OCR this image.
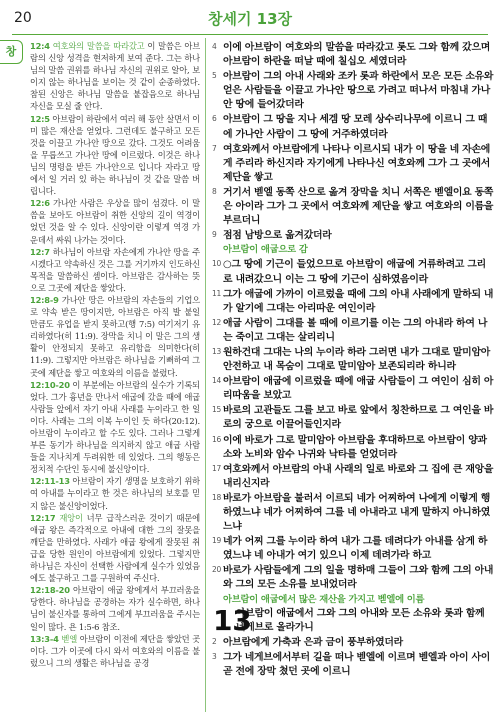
20	창세기 13장
창	12:4 여호와의 말씀을 따라갔고 이 말씀은 아브람의 신앙 성격을 현저하게 보여 준다. 그는 하나님의 말씀 권위를 하나님 자신의 권위로 알아, 보이지 않는 하나님을 보이는 것 같이 순종하였다. 참된 신앙은 하나님 말씀을 붙잡음으로 하나님 자신을 모실 줄 안다.

12:5 아브람이 하란에서 여러 해 동안 살면서 이미 많은 재산을 얻었다. 그런데도 불구하고 모든 것을 이끌고 가나안 땅으로 갔다. 그것도 어려움을 무릅쓰고 가나안 땅에 이르렀다. 이것은 하나님의 명령을 받든 가나안으로 입니다 자라고 땅에서 일 거러 있 하는 하나님이 것 같을 말씀 버립니다.

12:6 가나안 사람은 우상을 많이 섬겼다. 이 말씀을 보아도 아브람이 취한 신앙의 길이 역경이었던 것을 알 수 있다. 신앙이란 이렇게 역경 가운데서 싸워 나가는 것이다.

12:7 하나님이 아브람 자손에게 가나안 땅을 주시겠다고 약속하신 것은 그를 거기까지 인도하신 목적을 말씀하신 셈이다. 아브람은 감사하는 뜻으로 그곳에 제단을 쌓았다.

12:8-9 가나안 땅은 아브람의 자손들의 기업으로 약속 받은 땅이지만, 아브람은 아직 발 붙일 만큼도 유업을 받지 못하고(행 7:5) 여기저기 유리하였다(히 11:9). 장막을 치니 이 말은 그의 생활이 안정되지 못하고 유리함을 의미한다(히 11:9). 그렇지만 아브람은 하나님을 기뻐하여 그곳에 제단을 쌓고 여호와의 이름을 불렀다.

12:10-20 이 부분에는 아브람의 실수가 기록되었다. 그가 흉년을 만나서 애굽에 갔을 때에 애굽 사람들 앞에서 자기 아내 사래를 누이라고 한 일이다. 사래는 그의 이복 누이인 듯 하다(20:12). 아브람이 누이라고 할 수도 있다. 그러나 그렇게 부른 동기가 하나님을 의지하지 않고 애굽 사람들을 지나치게 두려워한 데 있었다. 그의 행동은 정치적 수단인 동시에 불신앙이다.

12:11-13 아브람이 자기 생명을 보호하기 위하여 아내를 누이라고 한 것은 하나님의 보호를 믿지 않은 불신앙이었다.

12:17 재앙이 너무 급작스러운 것이기 때문에 애굽 왕은 즉각적으로 아내에 대한 그의 잘못을 깨닫을 만하였다. 사래가 애굽 왕에게 잘못된 취급을 당한 원인이 아브람에게 있었다. 그렇지만 하나님은 자신이 선택한 사람에게 실수가 있었음에도 불구하고 그를 구원하여 주신다.

12:18-20 아브람이 애굽 왕에게서 부끄러움을 당한다. 하나님을 공경하는 자가 실수하면, 하나님이 불신자를 통하여 그에게 부끄러움을 주시는 일이 많다. 욘 1:5-6 참조.

13:3-4 벧엘 아브람이 이전에 제단을 쌓았던 곳이다. 그가 이곳에 다시 와서 여호와의 이름을 불렀으니 그의 생활은 하나님을 공경

4 이에 아브람이 여호와의 말씀을 따라갔고 롯도 그와 함께 갔으며 아브람이 하란을 떠날 때에 칠십오 세였더라

5 아브람이 그의 아내 사래와 조카 롯과 하란에서 모은 모든 소유와 얻은 사람들을 이끌고 가나안 땅으로 가려고 떠나서 마침내 가나안 땅에 들어갔더라

6 아브람이 그 땅을 지나 세겜 땅 모레 상수리나무에 이르니 그 때에 가나안 사람이 그 땅에 거주하였더라

7 여호와께서 아브람에게 나타나 이르시되 내가 이 땅을 네 자손에게 주리라 하신지라 자기에게 나타나신 여호와께 그가 그 곳에서 제단을 쌓고

8 거기서 벧엘 동쪽 산으로 옮겨 장막을 치니 서쪽은 벧엘이요 동쪽은 아이라 그가 그 곳에서 여호와께 제단을 쌓고 여호와의 이름을 부르더니

9 점점 남방으로 옮겨갔더라

아브람이 애굽으로 감

10 ○그 땅에 기근이 들었으므로 아브람이 애굽에 거류하려고 그리로 내려갔으니 이는 그 땅에 기근이 심하였음이라

11 그가 애굽에 가까이 이르렀을 때에 그의 아내 사래에게 말하되 내가 알기에 그대는 아리따운 여인이라

12 애굽 사람이 그대를 볼 때에 이르기를 이는 그의 아내라 하여 나는 죽이고 그대는 살리리니

13 원하건대 그대는 나의 누이라 하라 그러면 내가 그대로 말미암아 안전하고 내 목숨이 그대로 말미암아 보존되리라 하니라

14 아브람이 애굽에 이르렀을 때에 애굽 사람들이 그 여인이 심히 아리따움을 보았고

15 바로의 고관들도 그를 보고 바로 앞에서 칭찬하므로 그 여인을 바로의 궁으로 이끌어들인지라

16 이에 바로가 그로 말미암아 아브람을 후대하므로 아브람이 양과 소와 노비와 암수 나귀와 낙타를 얻었더라

17 여호와께서 아브람의 아내 사래의 일로 바로와 그 집에 큰 재앙을 내리신지라

18 바로가 아브람을 불러서 이르되 네가 어찌하여 나에게 이렇게 행하였느냐 네가 어찌하여 그를 네 아내라고 내게 말하지 아니하였느냐

19 네가 어찌 그를 누이라 하여 내가 그를 데려다가 아내를 삼게 하였느냐 네 아내가 여기 있으니 이제 데려가라 하고

20 바로가 사람들에게 그의 일을 명하매 그들이 그와 함께 그의 아내와 그의 모든 소유를 보내었더라

아브람이 애굽에서 많은 재산을 가지고 벧엘에 이름

13
아브람이 애굽에서 그와 그의 아내와 모든 소유와 롯과 함께 네게브로 올라가니

2 아브람에게 가축과 은과 금이 풍부하였더라

3 그가 네게브에서부터 길을 떠나 벧엘에 이르며 벧엘과 아이 사이 곧 전에 장막 쳤던 곳에 이르니
